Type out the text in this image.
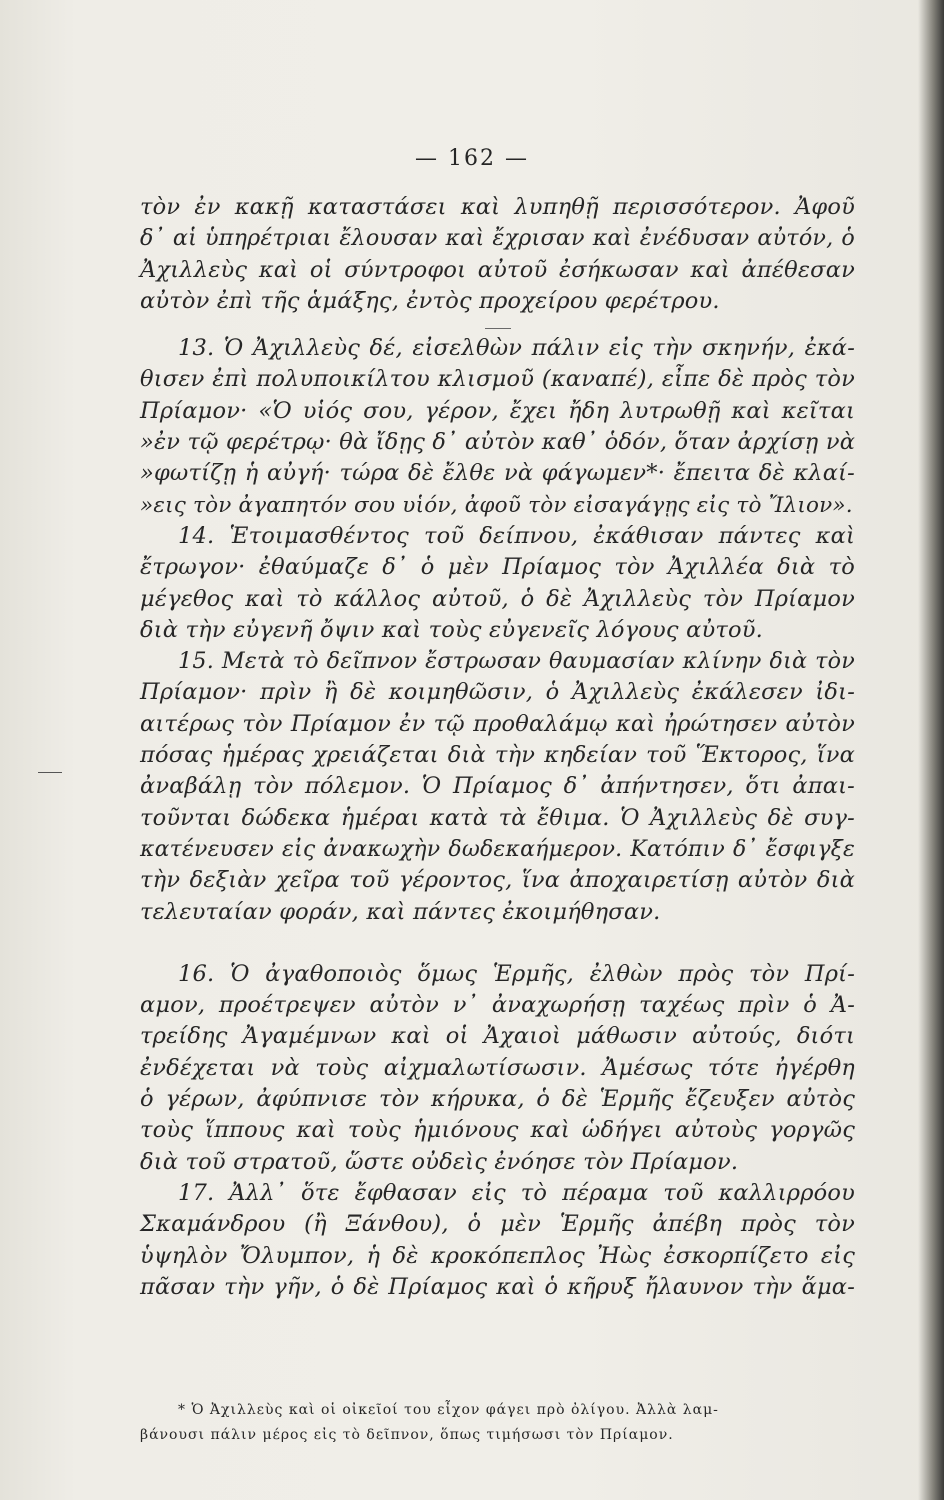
— 162 —
τὸν ἐν κακῇ καταστάσει καὶ λυπηθῇ περισσότερον. Ἀφοῦ
δ᾽ αἱ ὑπηρέτριαι ἔλουσαν καὶ ἔχρισαν καὶ ἐνέδυσαν αὐτόν, ὁ
Ἀχιλλεὺς καὶ οἱ σύντροφοι αὐτοῦ ἐσήκωσαν καὶ ἀπέθεσαν
αὐτὸν ἐπὶ τῆς ἁμάξης, ἐντὸς προχείρου φερέτρου.
13. Ὁ Ἀχιλλεὺς δέ, εἰσελθὼν πάλιν εἰς τὴν σκηνήν, ἐκά-
θισεν ἐπὶ πολυποικίλτου κλισμοῦ (καναπέ), εἶπε δὲ πρὸς τὸν
Πρίαμον· «Ὁ υἱός σου, γέρον, ἔχει ἤδη λυτρωθῇ καὶ κεῖται
»ἐν τῷ φερέτρῳ· θὰ ἴδῃς δ᾽ αὐτὸν καθ᾽ ὁδόν, ὅταν ἀρχίσῃ νὰ
»φωτίζῃ ἡ αὐγή· τώρα δὲ ἔλθε νὰ φάγωμεν*· ἔπειτα δὲ κλαί-
»εις τὸν ἀγαπητόν σου υἱόν, ἀφοῦ τὸν εἰσαγάγῃς εἰς τὸ Ἴλιον».
14. Ἑτοιμασθέντος τοῦ δείπνου, ἐκάθισαν πάντες καὶ
ἔτρωγον· ἐθαύμαζε δ᾽ ὁ μὲν Πρίαμος τὸν Ἀχιλλέα διὰ τὸ
μέγεθος καὶ τὸ κάλλος αὐτοῦ, ὁ δὲ Ἀχιλλεὺς τὸν Πρίαμον
διὰ τὴν εὐγενῆ ὄψιν καὶ τοὺς εὐγενεῖς λόγους αὐτοῦ.
15. Μετὰ τὸ δεῖπνον ἔστρωσαν θαυμασίαν κλίνην διὰ τὸν
Πρίαμον· πρὶν ἢ δὲ κοιμηθῶσιν, ὁ Ἀχιλλεὺς ἐκάλεσεν ἰδι-
αιτέρως τὸν Πρίαμον ἐν τῷ προθαλάμῳ καὶ ἠρώτησεν αὐτὸν
πόσας ἡμέρας χρειάζεται διὰ τὴν κηδείαν τοῦ Ἕκτορος, ἵνα
ἀναβάλῃ τὸν πόλεμον. Ὁ Πρίαμος δ᾽ ἀπήντησεν, ὅτι ἀπαι-
τοῦνται δώδεκα ἡμέραι κατὰ τὰ ἔθιμα. Ὁ Ἀχιλλεὺς δὲ συγ-
κατένευσεν εἰς ἀνακωχὴν δωδεκαήμερον. Κατόπιν δ᾽ ἔσφιγξε
τὴν δεξιὰν χεῖρα τοῦ γέροντος, ἵνα ἀποχαιρετίσῃ αὐτὸν διὰ
τελευταίαν φοράν, καὶ πάντες ἐκοιμήθησαν.
16. Ὁ ἀγαθοποιὸς ὅμως Ἑρμῆς, ἐλθὼν πρὸς τὸν Πρί-
αμον, προέτρεψεν αὐτὸν ν᾽ ἀναχωρήσῃ ταχέως πρὶν ὁ Ἀ-
τρείδης Ἀγαμέμνων καὶ οἱ Ἀχαιοὶ μάθωσιν αὐτούς, διότι
ἐνδέχεται νὰ τοὺς αἰχμαλωτίσωσιν. Ἀμέσως τότε ἠγέρθη
ὁ γέρων, ἀφύπνισε τὸν κήρυκα, ὁ δὲ Ἑρμῆς ἔζευξεν αὐτὸς
τοὺς ἵππους καὶ τοὺς ἡμιόνους καὶ ὡδήγει αὐτοὺς γοργῶς
διὰ τοῦ στρατοῦ, ὥστε οὐδεὶς ἐνόησε τὸν Πρίαμον.
17. Ἀλλ᾽ ὅτε ἔφθασαν εἰς τὸ πέραμα τοῦ καλλιρρόου
Σκαμάνδρου (ἢ Ξάνθου), ὁ μὲν Ἑρμῆς ἀπέβη πρὸς τὸν
ὑψηλὸν Ὄλυμπον, ἡ δὲ κροκόπεπλος Ἠὼς ἐσκορπίζετο εἰς
πᾶσαν τὴν γῆν, ὁ δὲ Πρίαμος καὶ ὁ κῆρυξ ἤλαυνον τὴν ἅμα-
* Ὁ Ἀχιλλεὺς καὶ οἱ οἰκεῖοί του εἶχον φάγει πρὸ ὀλίγου. Ἀλλὰ λαμ-
βάνουσι πάλιν μέρος εἰς τὸ δεῖπνον, ὅπως τιμήσωσι τὸν Πρίαμον.
